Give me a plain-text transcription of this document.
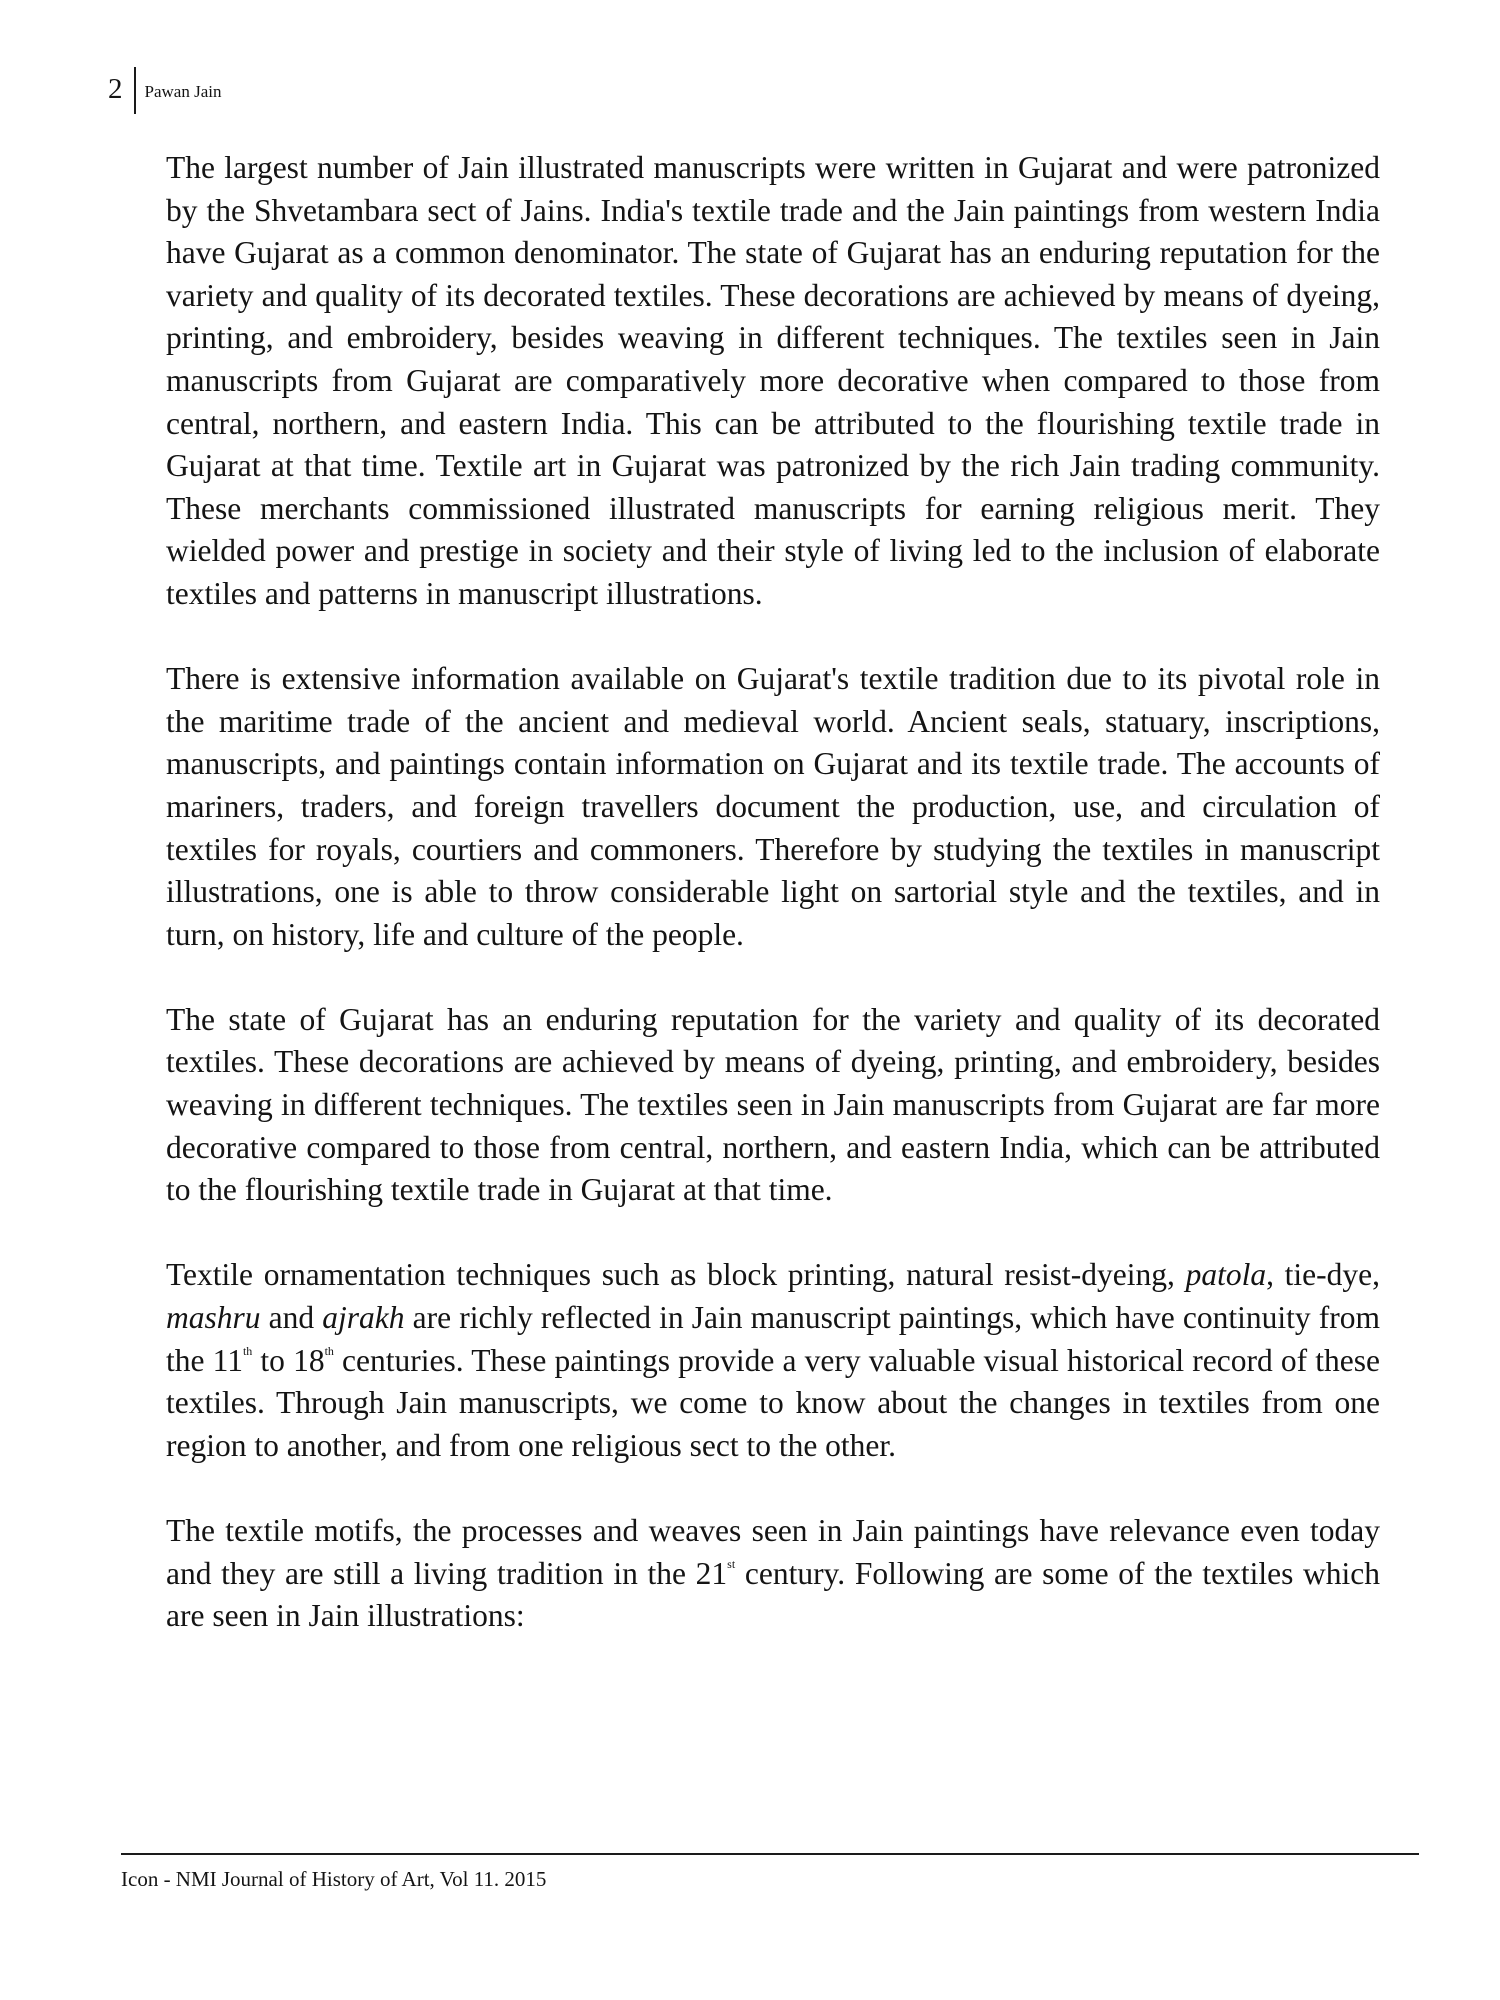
2 Pawan Jain

The largest number of Jain illustrated manuscripts were written in Gujarat and were patronized by the Shvetambara sect of Jains. India's textile trade and the Jain paintings from western India have Gujarat as a common denominator. The state of Gujarat has an enduring reputation for the variety and quality of its decorated textiles. These decorations are achieved by means of dyeing, printing, and embroidery, besides weaving in different techniques. The textiles seen in Jain manuscripts from Gujarat are comparatively more decorative when compared to those from central, northern, and eastern India. This can be attributed to the flourishing textile trade in Gujarat at that time. Textile art in Gujarat was patronized by the rich Jain trading community. These merchants commissioned illustrated manuscripts for earning religious merit. They wielded power and prestige in society and their style of living led to the inclusion of elaborate textiles and patterns in manuscript illustrations.

There is extensive information available on Gujarat's textile tradition due to its pivotal role in the maritime trade of the ancient and medieval world. Ancient seals, statuary, inscriptions, manuscripts, and paintings contain information on Gujarat and its textile trade. The accounts of mariners, traders, and foreign travellers document the production, use, and circulation of textiles for royals, courtiers and commoners. Therefore by studying the textiles in manuscript illustrations, one is able to throw considerable light on sartorial style and the textiles, and in turn, on history, life and culture of the people.

The state of Gujarat has an enduring reputation for the variety and quality of its decorated textiles. These decorations are achieved by means of dyeing, printing, and embroidery, besides weaving in different techniques. The textiles seen in Jain manuscripts from Gujarat are far more decorative compared to those from central, northern, and eastern India, which can be attributed to the flourishing textile trade in Gujarat at that time.

Textile ornamentation techniques such as block printing, natural resist-dyeing, patola, tie-dye, mashru and ajrakh are richly reflected in Jain manuscript paintings, which have continuity from the 11th to 18th centuries. These paintings provide a very valuable visual historical record of these textiles. Through Jain manuscripts, we come to know about the changes in textiles from one region to another, and from one religious sect to the other.

The textile motifs, the processes and weaves seen in Jain paintings have relevance even today and they are still a living tradition in the 21st century. Following are some of the textiles which are seen in Jain illustrations:

Icon - NMI Journal of History of Art, Vol 11. 2015
